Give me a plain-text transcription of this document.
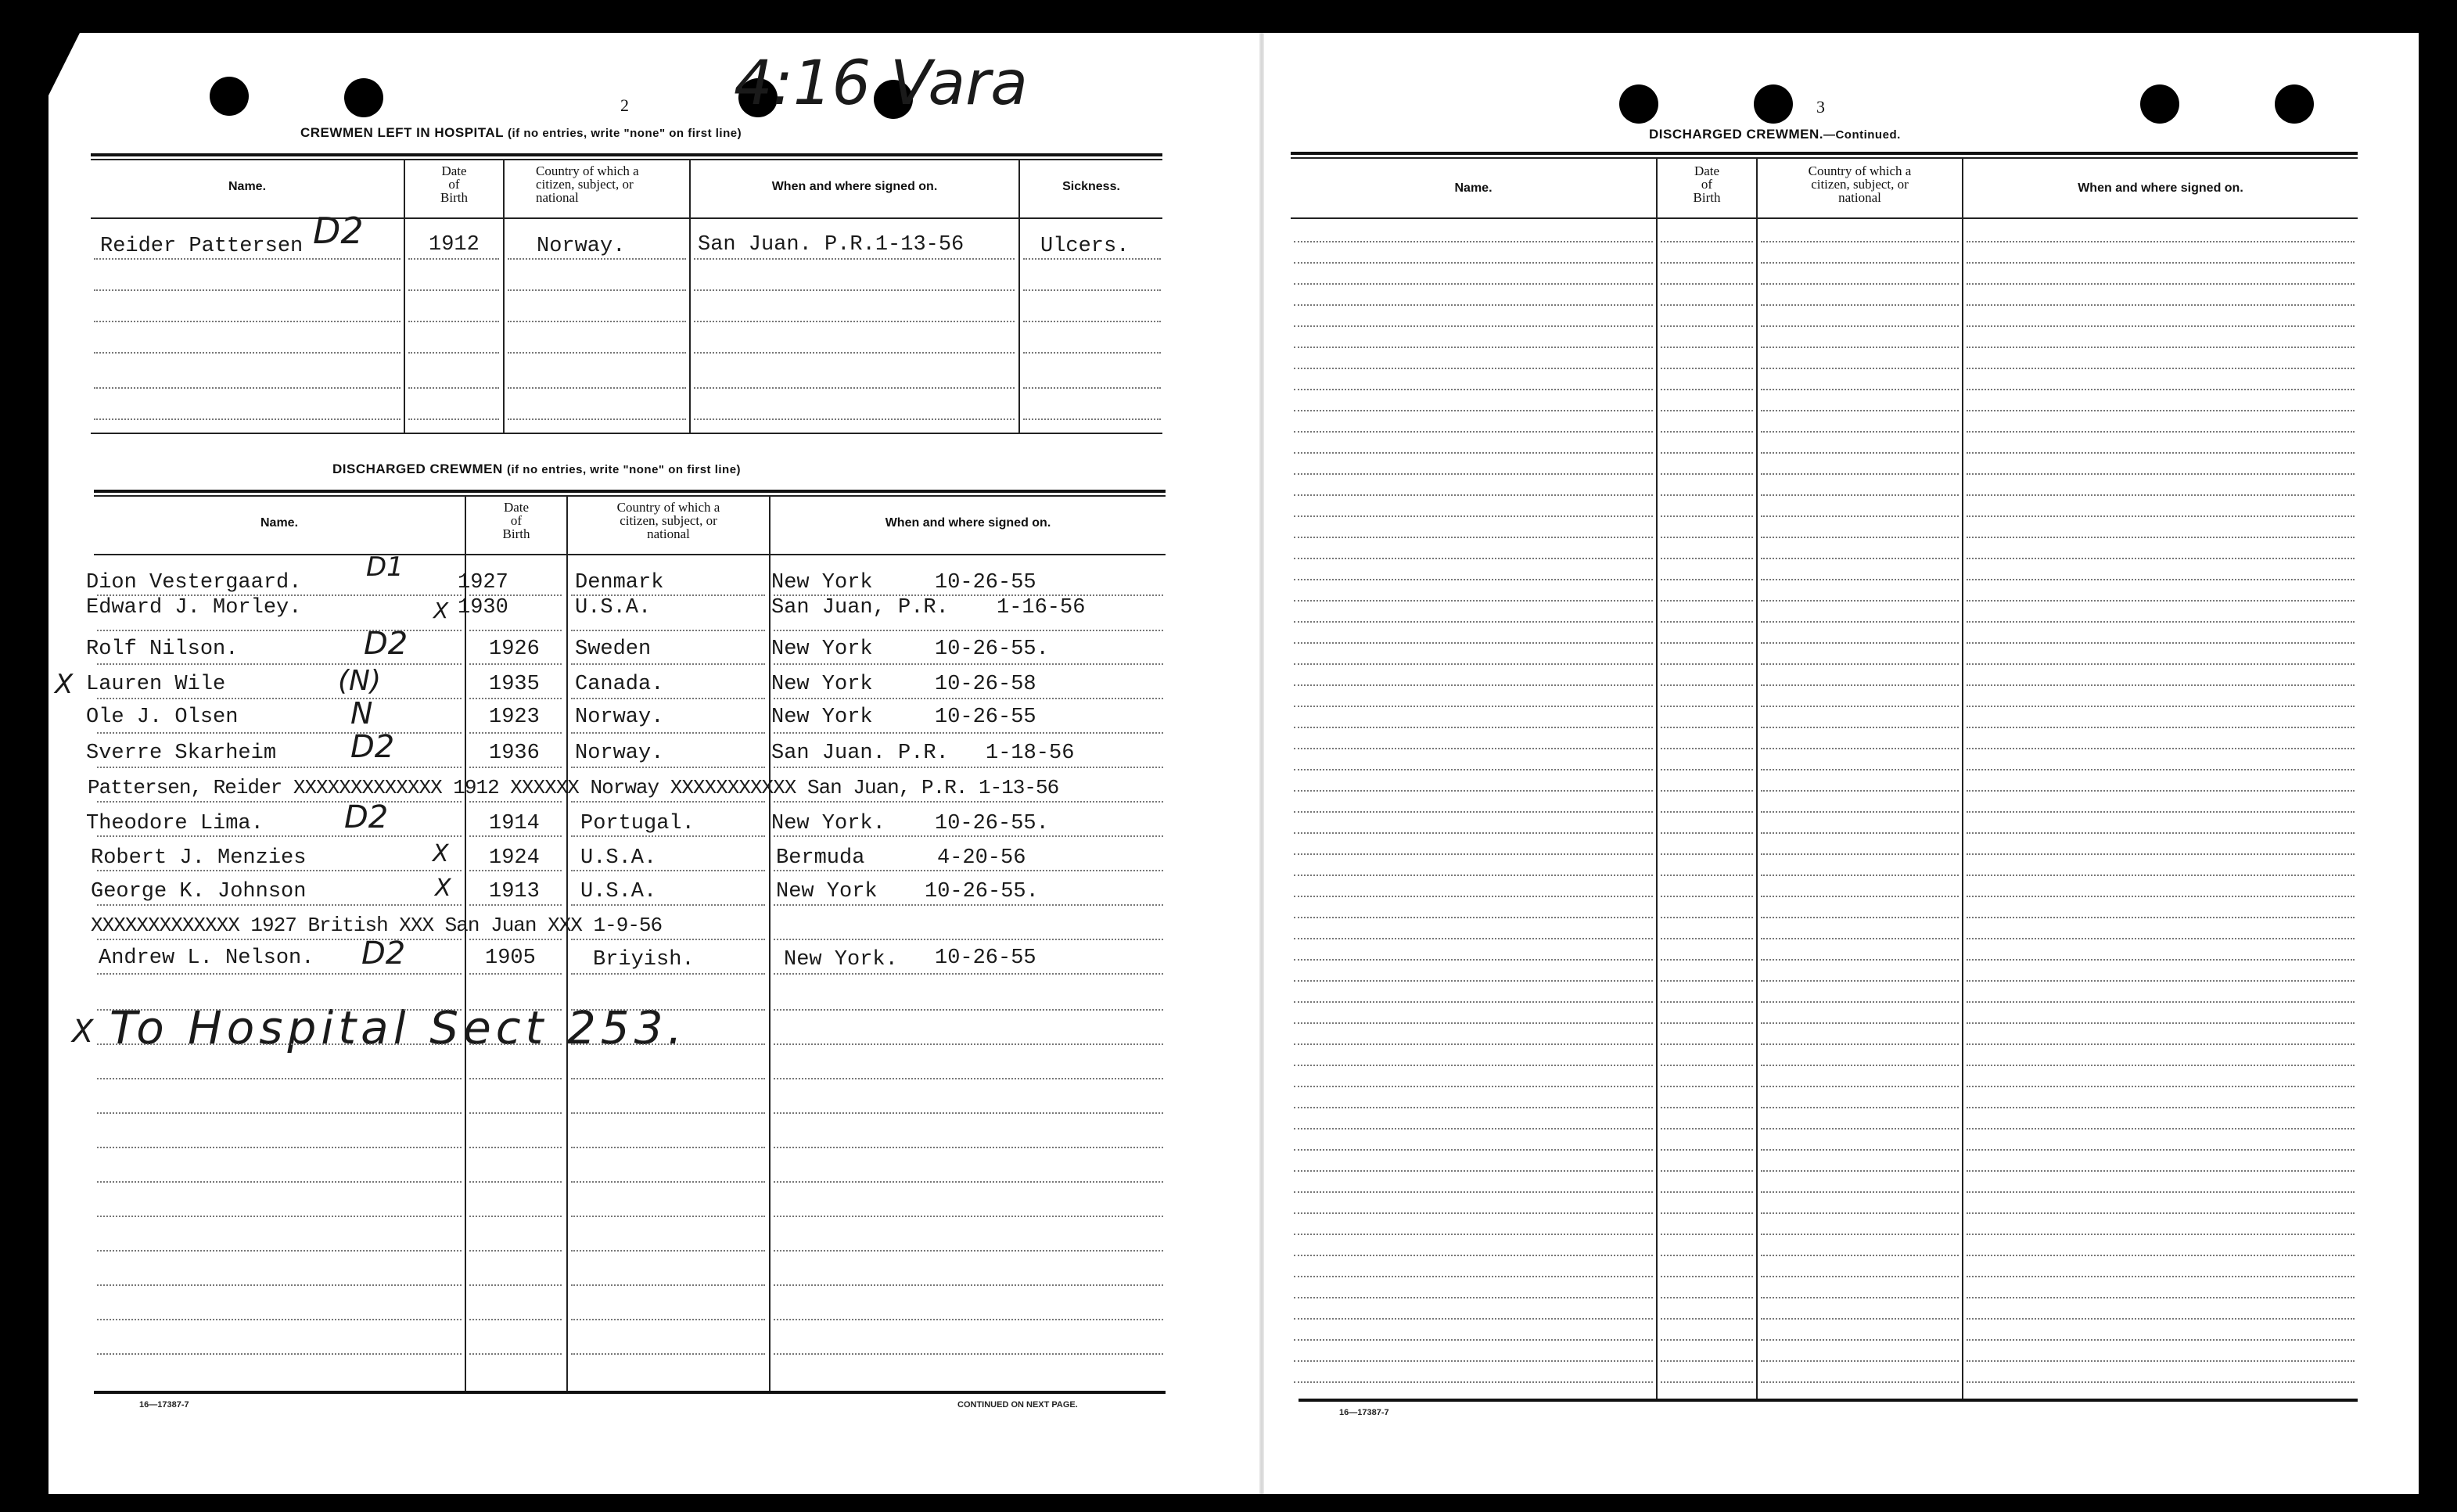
2 4:16 Vara
CREWMEN LEFT IN HOSPITAL (if no entries, write "none" on first line)
Name.
Date
of
Birth
Country of which a
citizen, subject, or
national
When and where signed on.	Sickness.
Reider Pattersen D2	1912	Norway.	San Juan. P.R.1-13-56	Ulcers.
DISCHARGED CREWMEN (if no entries, write "none" on first line)
Name.
Date
of
Birth
Country of which a
citizen, subject, or
national
When and where signed on.
Dion Vestergaard. D1	1927	Denmark	New York	10-26-55
Edward J. Morley.	X 1930	U.S.A.	San Juan, P.R. 1-16-56
Rolf Nilson.	D2	1926 Sweden	New York	10-26-55.
X Lauren Wile	(N)	1935 Canada.	New York	10-26-58
Ole J. Olsen	N	1923 Norway.	New York	10-26-55
Sverre Skarheim D2	1936 Norway.	San Juan. P.R. 1-18-56
Pattersen, Reider XXXXXXXXXXXXX 1912 XXXXXX Norway XXXXXXXXXXX San Juan, P.R. 1-13-56
Theodore Lima.	D2	1914 Portugal.	New York. 10-26-55.
Robert J. Menzies	X 1924 U.S.A.	Bermuda	4-20-56
George K. Johnson	X 1913 U.S.A.	New York 10-26-55.
XXXXXXXXXXXXX 1927 British XXX San Juan XXX 1-9-56
Andrew L. Nelson. D2	1905	Briyish.	New York. 10-26-55
X To Hospital Sect 253.
16—17387-7	CONTINUED ON NEXT PAGE.
3
DISCHARGED CREWMEN.—Continued.
Name.
Date
of
Birth
Country of which a
citizen, subject, or
national
When and where signed on.
16—17387-7
